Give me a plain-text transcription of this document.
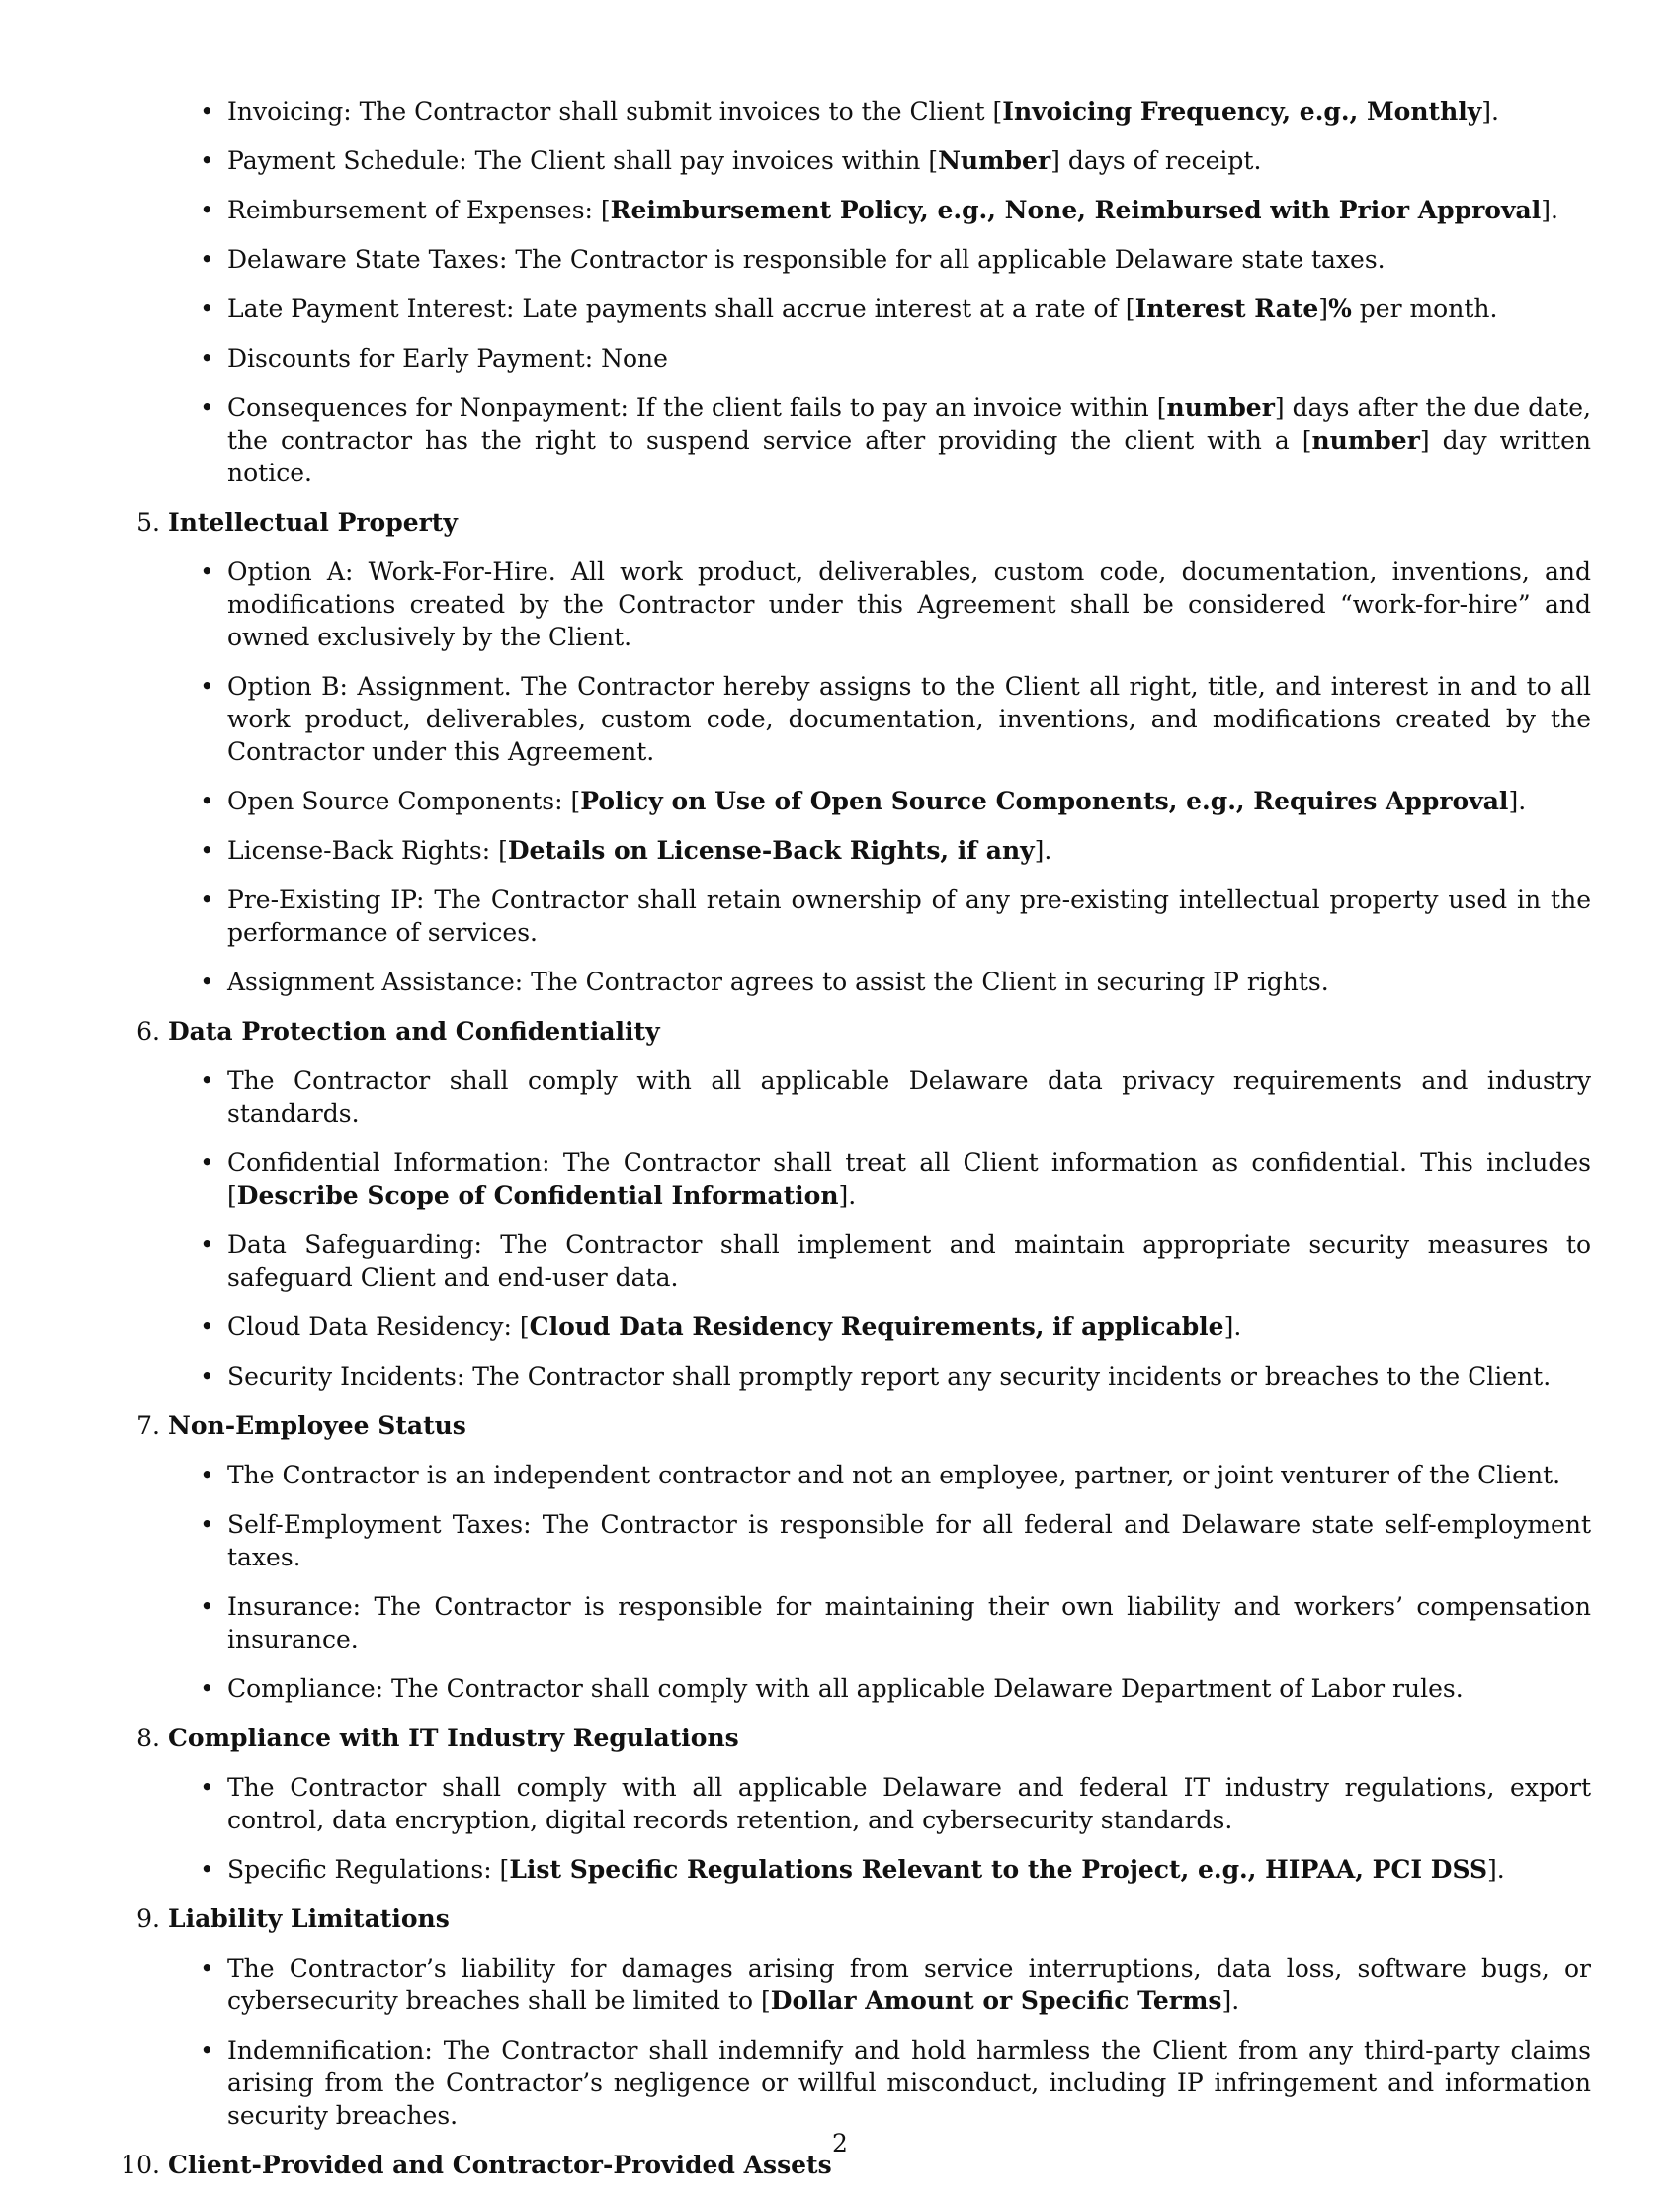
• Invoicing: The Contractor shall submit invoices to the Client [Invoicing Frequency, e.g., Monthly].
• Payment Schedule: The Client shall pay invoices within [Number] days of receipt.
• Reimbursement of Expenses: [Reimbursement Policy, e.g., None, Reimbursed with Prior Approval].
• Delaware State Taxes: The Contractor is responsible for all applicable Delaware state taxes.
• Late Payment Interest: Late payments shall accrue interest at a rate of [Interest Rate]% per month.
• Discounts for Early Payment: None
• Consequences for Nonpayment: If the client fails to pay an invoice within [number] days after the due date, the contractor has the right to suspend service after providing the client with a [number] day written notice.
5. Intellectual Property
• Option A: Work-For-Hire. All work product, deliverables, custom code, documentation, inventions, and modifications created by the Contractor under this Agreement shall be considered “work-for-hire” and owned exclusively by the Client.
• Option B: Assignment. The Contractor hereby assigns to the Client all right, title, and interest in and to all work product, deliverables, custom code, documentation, inventions, and modifications created by the Contractor under this Agreement.
• Open Source Components: [Policy on Use of Open Source Components, e.g., Requires Approval].
• License-Back Rights: [Details on License-Back Rights, if any].
• Pre-Existing IP: The Contractor shall retain ownership of any pre-existing intellectual property used in the performance of services.
• Assignment Assistance: The Contractor agrees to assist the Client in securing IP rights.
6. Data Protection and Confidentiality
• The Contractor shall comply with all applicable Delaware data privacy requirements and industry standards.
• Confidential Information: The Contractor shall treat all Client information as confidential. This includes [Describe Scope of Confidential Information].
• Data Safeguarding: The Contractor shall implement and maintain appropriate security measures to safeguard Client and end-user data.
• Cloud Data Residency: [Cloud Data Residency Requirements, if applicable].
• Security Incidents: The Contractor shall promptly report any security incidents or breaches to the Client.
7. Non-Employee Status
• The Contractor is an independent contractor and not an employee, partner, or joint venturer of the Client.
• Self-Employment Taxes: The Contractor is responsible for all federal and Delaware state self-employment taxes.
• Insurance: The Contractor is responsible for maintaining their own liability and workers’ compensation insurance.
• Compliance: The Contractor shall comply with all applicable Delaware Department of Labor rules.
8. Compliance with IT Industry Regulations
• The Contractor shall comply with all applicable Delaware and federal IT industry regulations, export control, data encryption, digital records retention, and cybersecurity standards.
• Specific Regulations: [List Specific Regulations Relevant to the Project, e.g., HIPAA, PCI DSS].
9. Liability Limitations
• The Contractor’s liability for damages arising from service interruptions, data loss, software bugs, or cybersecurity breaches shall be limited to [Dollar Amount or Specific Terms].
• Indemnification: The Contractor shall indemnify and hold harmless the Client from any third-party claims arising from the Contractor’s negligence or willful misconduct, including IP infringement and information security breaches.
10. Client-Provided and Contractor-Provided Assets
2
